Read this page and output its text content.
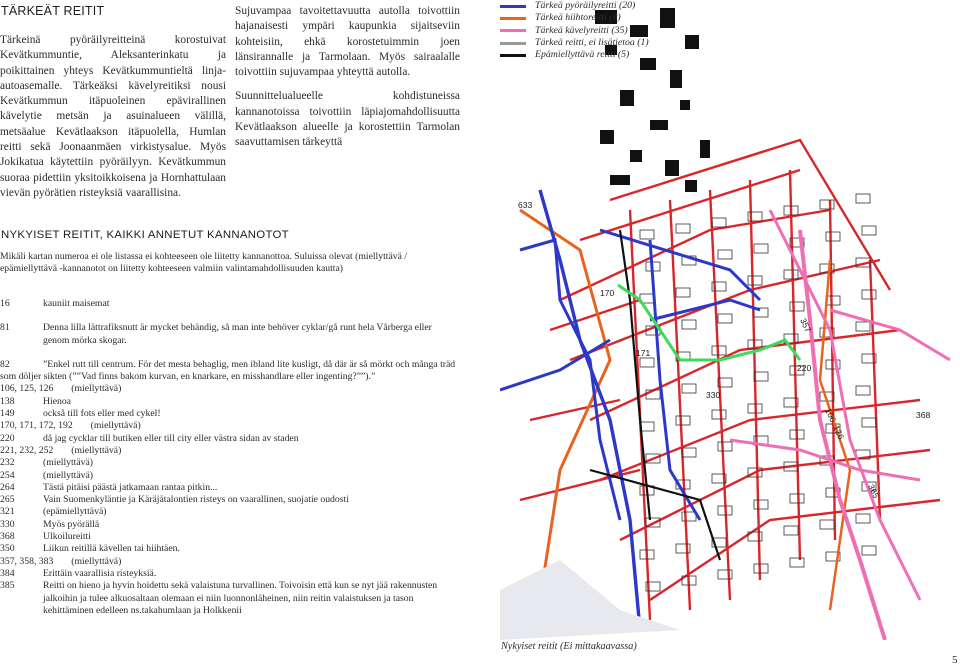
TÄRKEÄT REITIT

Tärkeinä pyöräilyreitteinä korostuivat Kevätkummuntie, Aleksanterinkatu ja poikittainen yhteys Kevätkummuntieltä linja-autoasemalle. Tärkeäksi kävelyreitiksi nousi Kevätkummun itäpuoleinen epävirallinen kävelytie metsän ja asuinalueen välillä, metsäalue Kevätlaakson itäpuolella, Humlan reitti sekä Joonaanmäen virkistysalue. Myös Jokikatua käytettiin pyöräilyyn. Kevätkummun suoraa pidettiin yksitoikkoisena ja Hornhattulaan vievän pyörätien risteyksiä vaarallisina.

Sujuvampaa tavoitettavuutta autolla toivottiin hajanaisesti ympäri kaupunkia sijaitseviin kohteisiin, ehkä korostetuimmin joen länsirannalle ja Tarmolaan. Myös sairaalalle toivottiin sujuvampaa yhteyttä autolla.

Suunnittelualueelle kohdistuneissa kannanotoissa toivottiin läpiajomahdollisuutta Kevätlaakson alueelle ja korostettiin Tarmolan saavuttamisen tärkeyttä

NYKYISET REITIT, KAIKKI ANNETUT KANNANOTOT
Mikäli kartan numeroa ei ole listassa ei kohteeseen ole liitetty kannanottoa. Suluissa olevat (miellyttävä / epämiellyttävä -kannanotot on liitetty kohteeseen valmiin valintamahdollisuuden kautta)
16	kauniit maisemat
81	Denna lilla lättrafiksnutt är mycket behändig, så man inte behöver cyklar/gå runt hela Vårberga eller genom mörka skogar.
82	”Enkel rutt till centrum. För det mesta behaglig, men ibland lite kusligt, då där är så mörkt och många träd som döljer sikten (””Vad finns bakom kurvan, en knarkare, en misshandlare eller ingenting?””).”
106, 125, 126 (miellyttävä)
138	Hienoa
149	också till fots eller med cykel!
170, 171, 172, 192 (miellyttävä)
220	då jag cycklar till butiken eller till city eller västra sidan av staden
221, 232, 252 (miellyttävä)
232	(miellyttävä)
254	(miellyttävä)
264	Tästä pitäisi päästä jatkamaan rantaa pitkin...
265	Vain Suomenkyläntie ja Käräjätalontien risteys on vaarallinen, suojatie oudosti
321	(epämiellyttävä)
330	Myös pyörällä
368	Ulkoilureitti
350	Liikun reitillä kävellen tai hiihtäen.
357, 358, 383 (miellyttävä)
384	Erittäin vaarallisia risteyksiä.
385	Reitti on hieno ja hyvin hoidettu sekä valaistuna turvallinen. Toivoisin että kun se nyt jää rakennusten jalkoihin ja tulee alkuosaltaan olemaan ei niin luonnonläheinen, niin reitin valaistuksen ja tason kehittäminen edelleen ns.takahumlaan ja Holkkenii
633
170
171
330
357
220
106, 126	368
365
Tärkeä pyöräilyreitti (20)
Tärkeä hiihtoreitti (8)
Tärkeä kävelyreitti (35)
Tärkeä reitti, ei lisätietoa (1)
Epämiellyttävä reitti (5)
Nykyiset reitit (Ei mittakaavassa)
5
